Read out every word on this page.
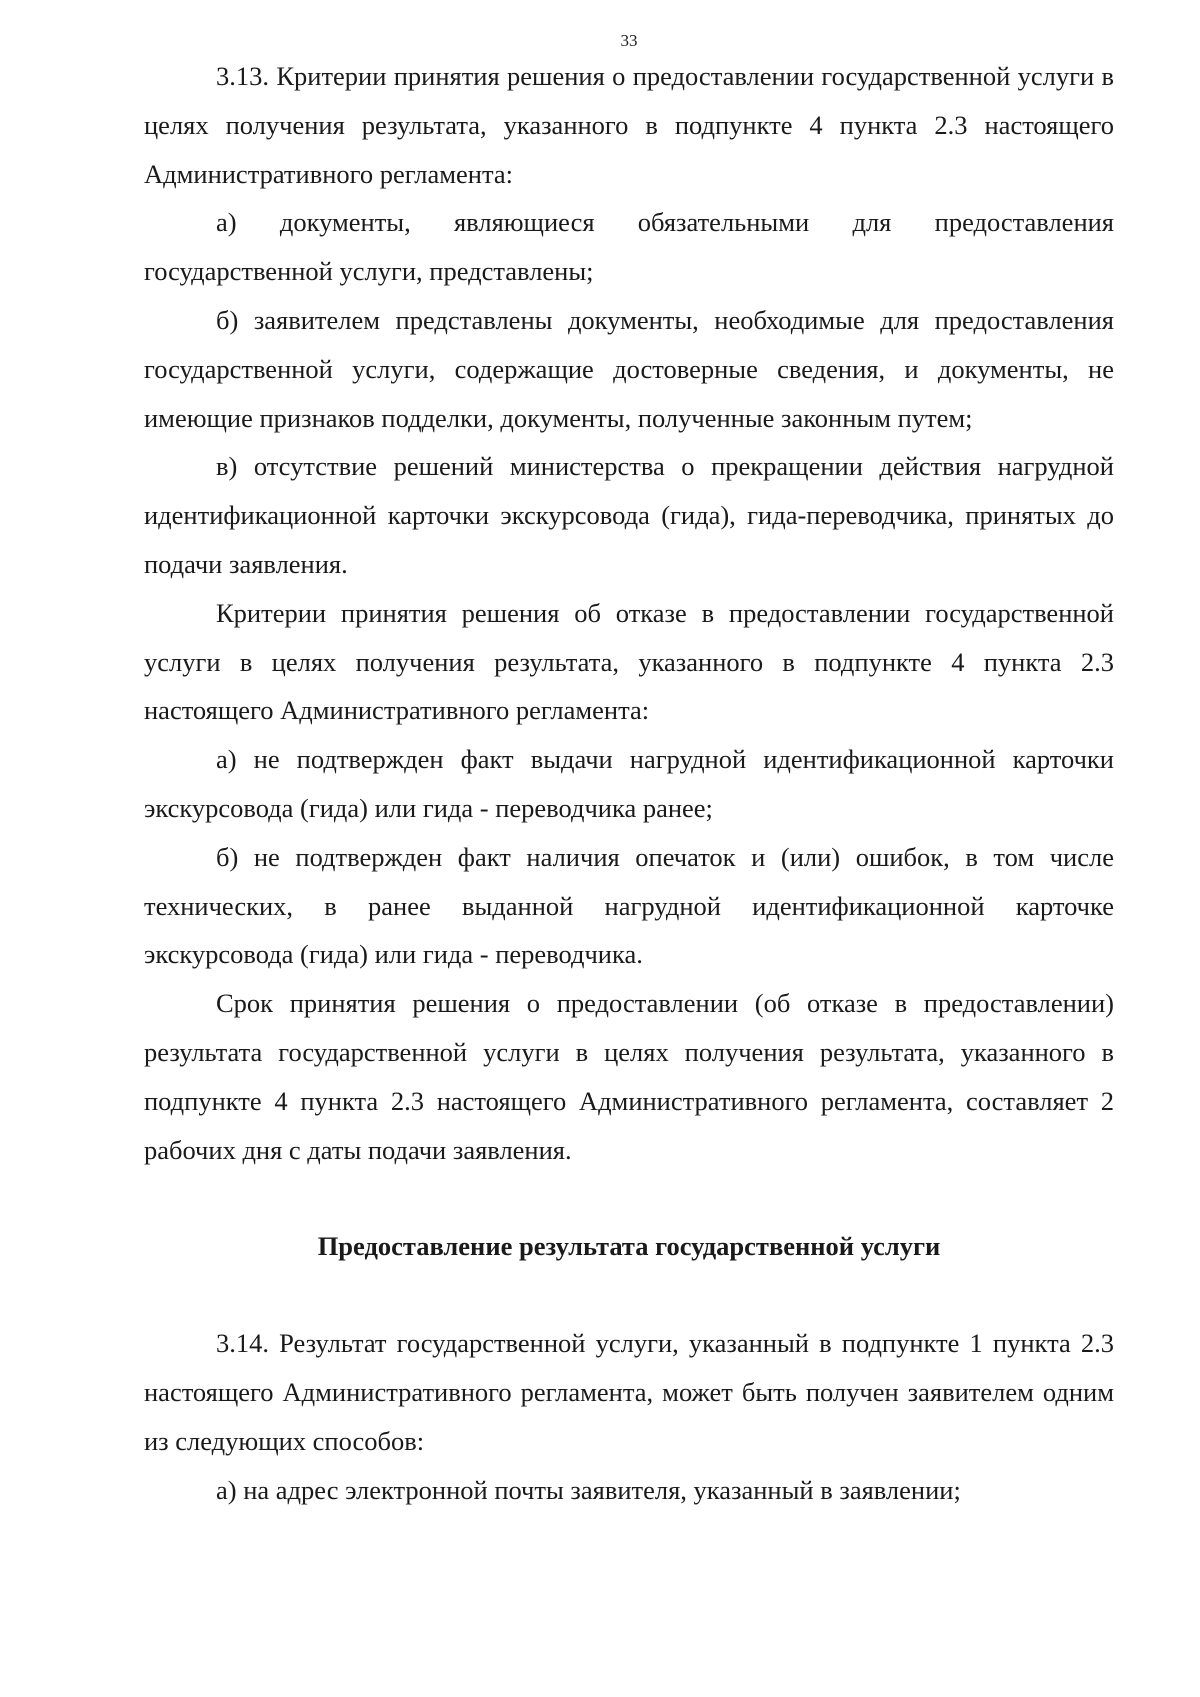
33

3.13. Критерии принятия решения о предоставлении государственной услуги в целях получения результата, указанного в подпункте 4 пункта 2.3 настоящего Административного регламента:

а) документы, являющиеся обязательными для предоставления государственной услуги, представлены;

б) заявителем представлены документы, необходимые для предоставления государственной услуги, содержащие достоверные сведения, и документы, не имеющие признаков подделки, документы, полученные законным путем;

в) отсутствие решений министерства о прекращении действия нагрудной идентификационной карточки экскурсовода (гида), гида-переводчика, принятых до подачи заявления.

Критерии принятия решения об отказе в предоставлении государственной услуги в целях получения результата, указанного в подпункте 4 пункта 2.3 настоящего Административного регламента:

а) не подтвержден факт выдачи нагрудной идентификационной карточки экскурсовода (гида) или гида - переводчика ранее;

б) не подтвержден факт наличия опечаток и (или) ошибок, в том числе технических, в ранее выданной нагрудной идентификационной карточке экскурсовода (гида) или гида - переводчика.

Срок принятия решения о предоставлении (об отказе в предоставлении) результата государственной услуги в целях получения результата, указанного в подпункте 4 пункта 2.3 настоящего Административного регламента, составляет 2 рабочих дня с даты подачи заявления.

Предоставление результата государственной услуги

3.14. Результат государственной услуги, указанный в подпункте 1 пункта 2.3 настоящего Административного регламента, может быть получен заявителем одним из следующих способов:

а) на адрес электронной почты заявителя, указанный в заявлении;
